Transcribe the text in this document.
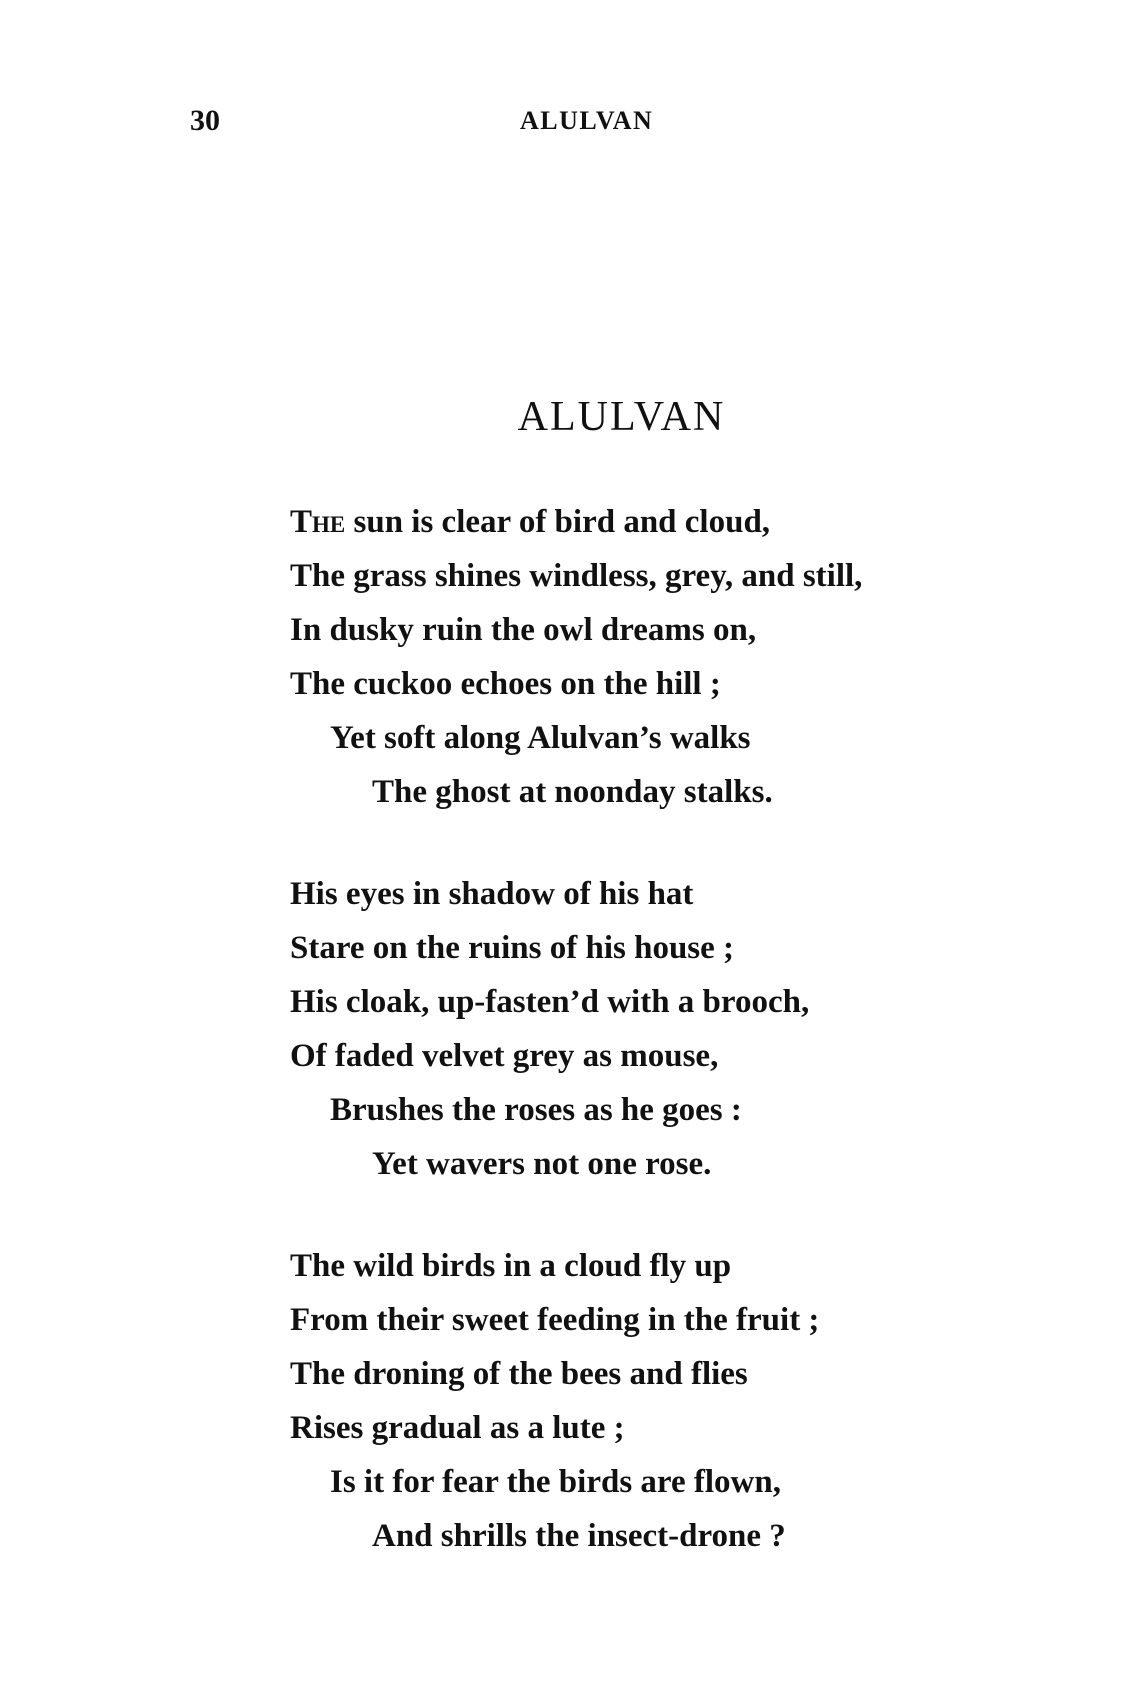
30	ALULVAN
ALULVAN
The sun is clear of bird and cloud,
The grass shines windless, grey, and still,
In dusky ruin the owl dreams on,
The cuckoo echoes on the hill ;
Yet soft along Alulvan’s walks
The ghost at noonday stalks.
His eyes in shadow of his hat
Stare on the ruins of his house ;
His cloak, up-fasten’d with a brooch,
Of faded velvet grey as mouse,
Brushes the roses as he goes :
Yet wavers not one rose.
The wild birds in a cloud fly up
From their sweet feeding in the fruit ;
The droning of the bees and flies
Rises gradual as a lute ;
Is it for fear the birds are flown,
And shrills the insect-drone ?
